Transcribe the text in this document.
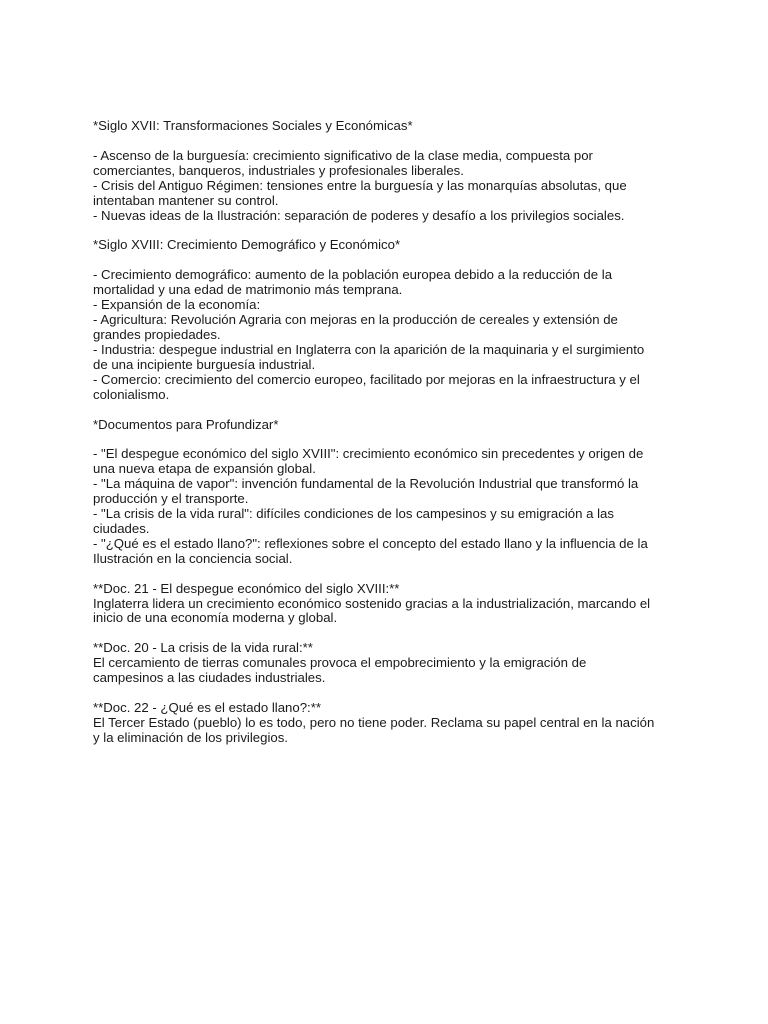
*Siglo XVII: Transformaciones Sociales y Económicas*
- Ascenso de la burguesía: crecimiento significativo de la clase media, compuesta por
comerciantes, banqueros, industriales y profesionales liberales.
- Crisis del Antiguo Régimen: tensiones entre la burguesía y las monarquías absolutas, que
intentaban mantener su control.
- Nuevas ideas de la Ilustración: separación de poderes y desafío a los privilegios sociales.
*Siglo XVIII: Crecimiento Demográfico y Económico*
- Crecimiento demográfico: aumento de la población europea debido a la reducción de la
mortalidad y una edad de matrimonio más temprana.
- Expansión de la economía:
- Agricultura: Revolución Agraria con mejoras en la producción de cereales y extensión de
grandes propiedades.
- Industria: despegue industrial en Inglaterra con la aparición de la maquinaria y el surgimiento
de una incipiente burguesía industrial.
- Comercio: crecimiento del comercio europeo, facilitado por mejoras en la infraestructura y el
colonialismo.
*Documentos para Profundizar*
- "El despegue económico del siglo XVIII": crecimiento económico sin precedentes y origen de
una nueva etapa de expansión global.
- "La máquina de vapor": invención fundamental de la Revolución Industrial que transformó la
producción y el transporte.
- "La crisis de la vida rural": difíciles condiciones de los campesinos y su emigración a las
ciudades.
- "¿Qué es el estado llano?": reflexiones sobre el concepto del estado llano y la influencia de la
Ilustración en la conciencia social.
**Doc. 21 - El despegue económico del siglo XVIII:**
Inglaterra lidera un crecimiento económico sostenido gracias a la industrialización, marcando el
inicio de una economía moderna y global.
**Doc. 20 - La crisis de la vida rural:**
El cercamiento de tierras comunales provoca el empobrecimiento y la emigración de
campesinos a las ciudades industriales.
**Doc. 22 - ¿Qué es el estado llano?:**
El Tercer Estado (pueblo) lo es todo, pero no tiene poder. Reclama su papel central en la nación
y la eliminación de los privilegios.
